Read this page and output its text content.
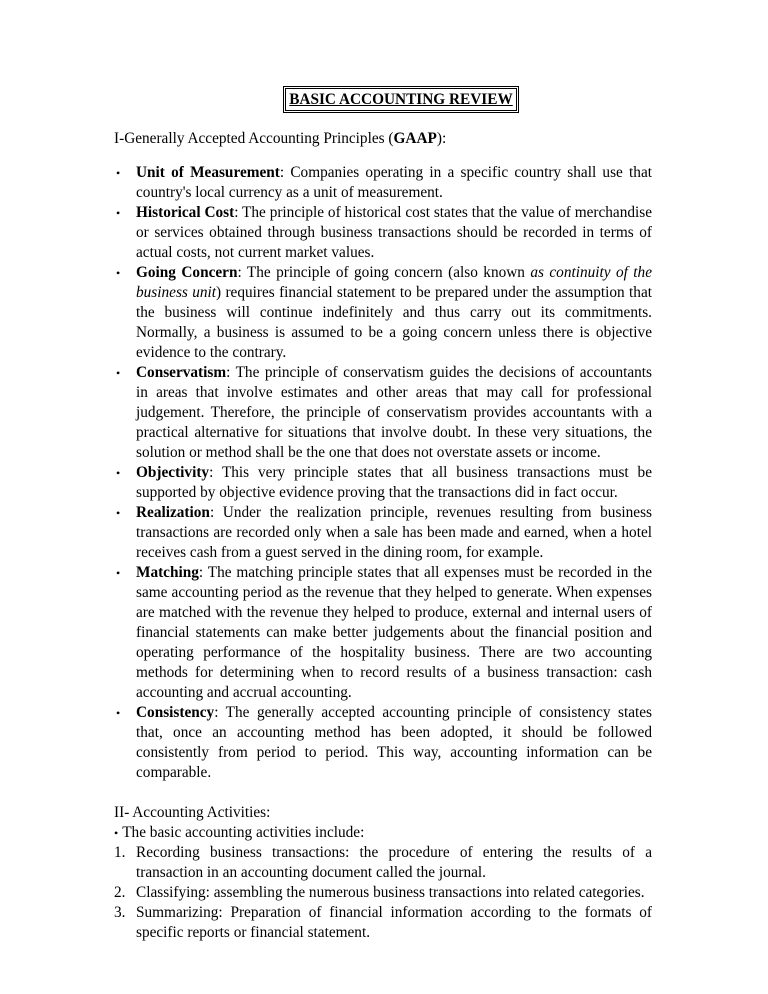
BASIC ACCOUNTING REVIEW
I-Generally Accepted Accounting Principles (GAAP):
• Unit of Measurement: Companies operating in a specific country shall use that country's local currency as a unit of measurement.
• Historical Cost: The principle of historical cost states that the value of merchandise or services obtained through business transactions should be recorded in terms of actual costs, not current market values.
• Going Concern: The principle of going concern (also known as continuity of the business unit) requires financial statement to be prepared under the assumption that the business will continue indefinitely and thus carry out its commitments. Normally, a business is assumed to be a going concern unless there is objective evidence to the contrary.
• Conservatism: The principle of conservatism guides the decisions of accountants in areas that involve estimates and other areas that may call for professional judgement. Therefore, the principle of conservatism provides accountants with a practical alternative for situations that involve doubt. In these very situations, the solution or method shall be the one that does not overstate assets or income.
• Objectivity: This very principle states that all business transactions must be supported by objective evidence proving that the transactions did in fact occur.
• Realization: Under the realization principle, revenues resulting from business transactions are recorded only when a sale has been made and earned, when a hotel receives cash from a guest served in the dining room, for example.
• Matching: The matching principle states that all expenses must be recorded in the same accounting period as the revenue that they helped to generate. When expenses are matched with the revenue they helped to produce, external and internal users of financial statements can make better judgements about the financial position and operating performance of the hospitality business. There are two accounting methods for determining when to record results of a business transaction: cash accounting and accrual accounting.
• Consistency: The generally accepted accounting principle of consistency states that, once an accounting method has been adopted, it should be followed consistently from period to period. This way, accounting information can be comparable.
II- Accounting Activities:
• The basic accounting activities include:
1. Recording business transactions: the procedure of entering the results of a transaction in an accounting document called the journal.
2. Classifying: assembling the numerous business transactions into related categories.
3. Summarizing: Preparation of financial information according to the formats of specific reports or financial statement.
